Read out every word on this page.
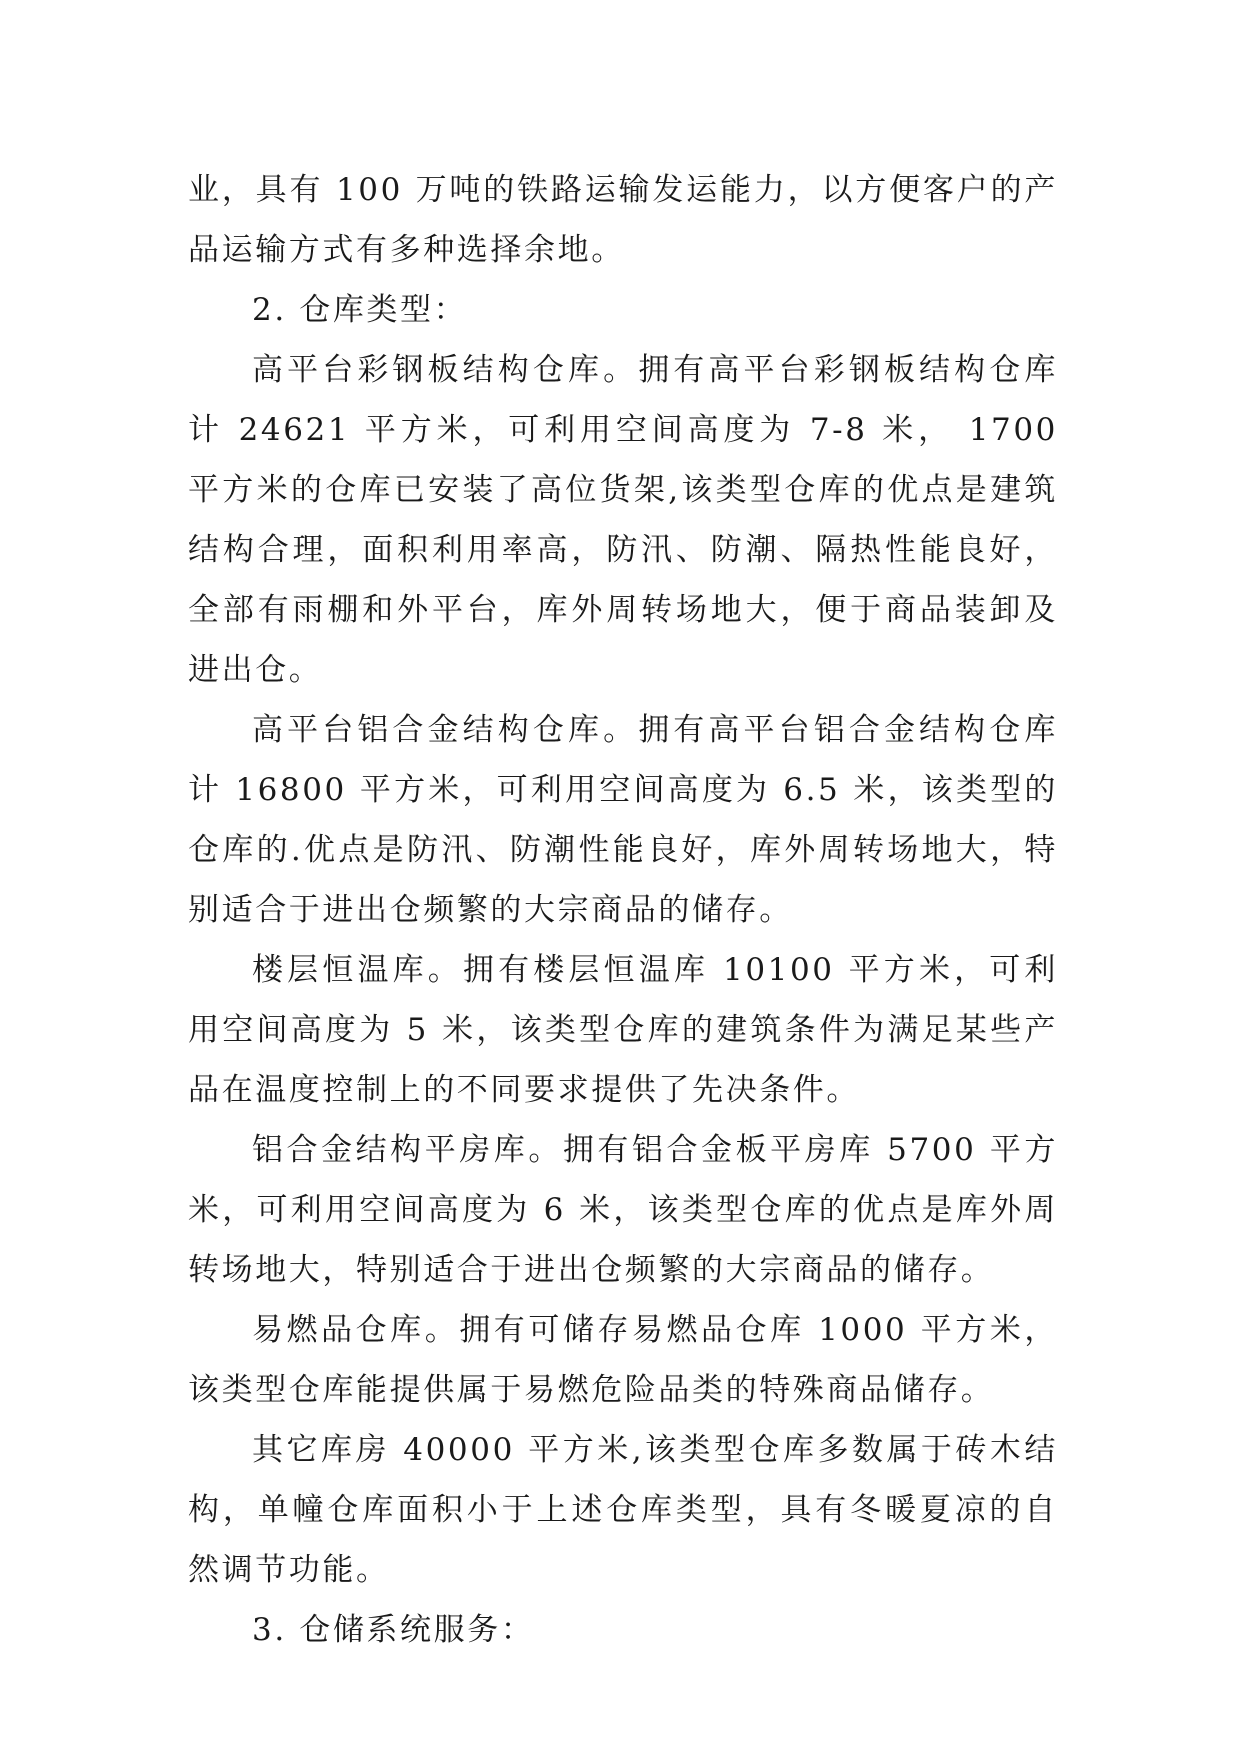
业，具有 100 万吨的铁路运输发运能力，以方便客户的产品运输方式有多种选择余地。

2. 仓库类型：

高平台彩钢板结构仓库。拥有高平台彩钢板结构仓库计 24621 平方米，可利用空间高度为 7-8 米， 1700 平方米的仓库已安装了高位货架,该类型仓库的优点是建筑结构合理，面积利用率高，防汛、防潮、隔热性能良好，全部有雨棚和外平台，库外周转场地大，便于商品装卸及进出仓。

高平台铝合金结构仓库。拥有高平台铝合金结构仓库计 16800 平方米，可利用空间高度为 6.5 米，该类型的仓库的.优点是防汛、防潮性能良好，库外周转场地大，特别适合于进出仓频繁的大宗商品的储存。

楼层恒温库。拥有楼层恒温库 10100 平方米，可利用空间高度为 5 米，该类型仓库的建筑条件为满足某些产品在温度控制上的不同要求提供了先决条件。

铝合金结构平房库。拥有铝合金板平房库 5700 平方米，可利用空间高度为 6 米，该类型仓库的优点是库外周转场地大，特别适合于进出仓频繁的大宗商品的储存。

易燃品仓库。拥有可储存易燃品仓库 1000 平方米，该类型仓库能提供属于易燃危险品类的特殊商品储存。

其它库房 40000 平方米,该类型仓库多数属于砖木结构，单幢仓库面积小于上述仓库类型，具有冬暖夏凉的自然调节功能。

3. 仓储系统服务：
